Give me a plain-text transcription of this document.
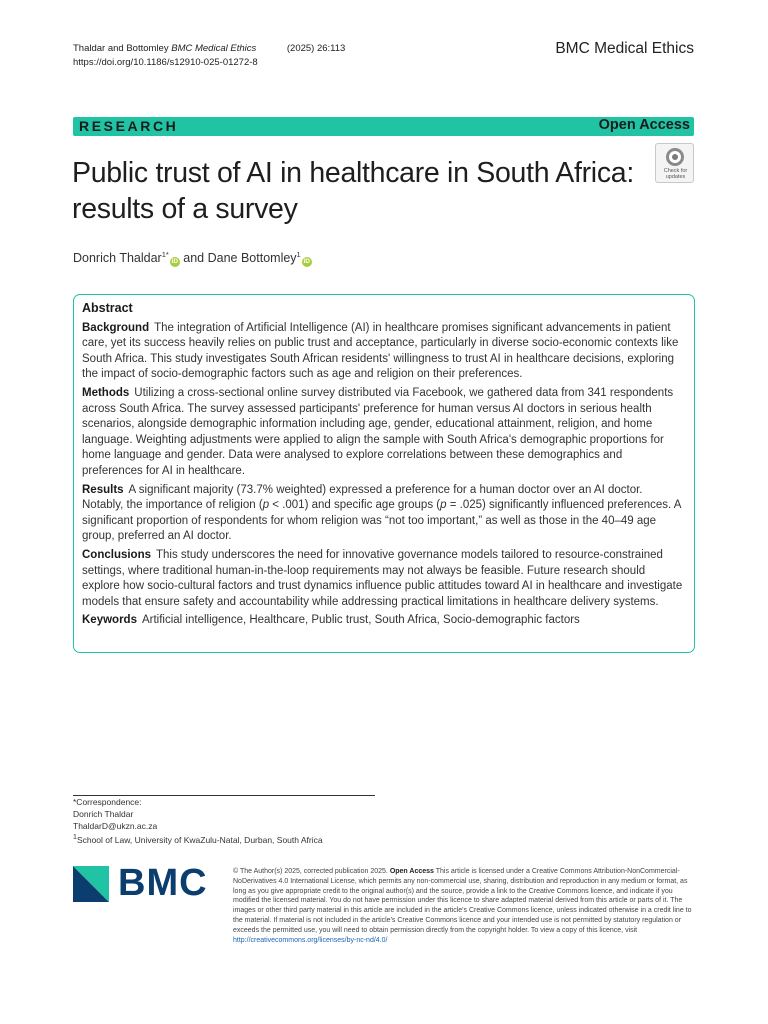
Thaldar and Bottomley BMC Medical Ethics	(2025) 26:113
https://doi.org/10.1186/s12910-025-01272-8
BMC Medical Ethics
RESEARCH	Open Access
Public trust of AI in healthcare in South Africa: results of a survey
Check for
updates
Donrich Thaldar$^{1*}$iD and Dane Bottomley$^1$iD
Abstract

Background The integration of Artificial Intelligence (AI) in healthcare promises significant advancements in patient care, yet its success heavily relies on public trust and acceptance, particularly in diverse socio-economic contexts like South Africa. This study investigates South African residents' willingness to trust AI in healthcare decisions, exploring the impact of socio-demographic factors such as age and religion on their preferences.

Methods Utilizing a cross-sectional online survey distributed via Facebook, we gathered data from 341 respondents across South Africa. The survey assessed participants' preference for human versus AI doctors in serious health scenarios, alongside demographic information including age, gender, educational attainment, religion, and home language. Weighting adjustments were applied to align the sample with South Africa's demographic proportions for home language and gender. Data were analysed to explore correlations between these demographics and preferences for AI in healthcare.

Results A significant majority (73.7% weighted) expressed a preference for a human doctor over an AI doctor. Notably, the importance of religion (p < .001) and specific age groups (p = .025) significantly influenced preferences. A significant proportion of respondents for whom religion was “not too important,” as well as those in the 40–49 age group, preferred an AI doctor.

Conclusions This study underscores the need for innovative governance models tailored to resource-constrained settings, where traditional human-in-the-loop requirements may not always be feasible. Future research should explore how socio-cultural factors and trust dynamics influence public attitudes toward AI in healthcare and investigate models that ensure safety and accountability while addressing practical limitations in healthcare delivery systems.

Keywords Artificial intelligence, Healthcare, Public trust, South Africa, Socio-demographic factors

*Correspondence:
Donrich Thaldar
ThaldarD@ukzn.ac.za
$^1$School of Law, University of KwaZulu-Natal, Durban, South Africa
BMC	© The Author(s) 2025, corrected publication 2025. Open Access This article is licensed under a Creative Commons Attribution-NonCommercial-NoDerivatives 4.0 International License, which permits any non-commercial use, sharing, distribution and reproduction in any medium or format, as long as you give appropriate credit to the original author(s) and the source, provide a link to the Creative Commons licence, and indicate if you modified the licensed material. You do not have permission under this licence to share adapted material derived from this article or parts of it. The images or other third party material in this article are included in the article's Creative Commons licence, unless indicated otherwise in a credit line to the material. If material is not included in the article's Creative Commons licence and your intended use is not permitted by statutory regulation or exceeds the permitted use, you will need to obtain permission directly from the copyright holder. To view a copy of this licence, visit http://creativecommons.org/licenses/by-nc-nd/4.0/
